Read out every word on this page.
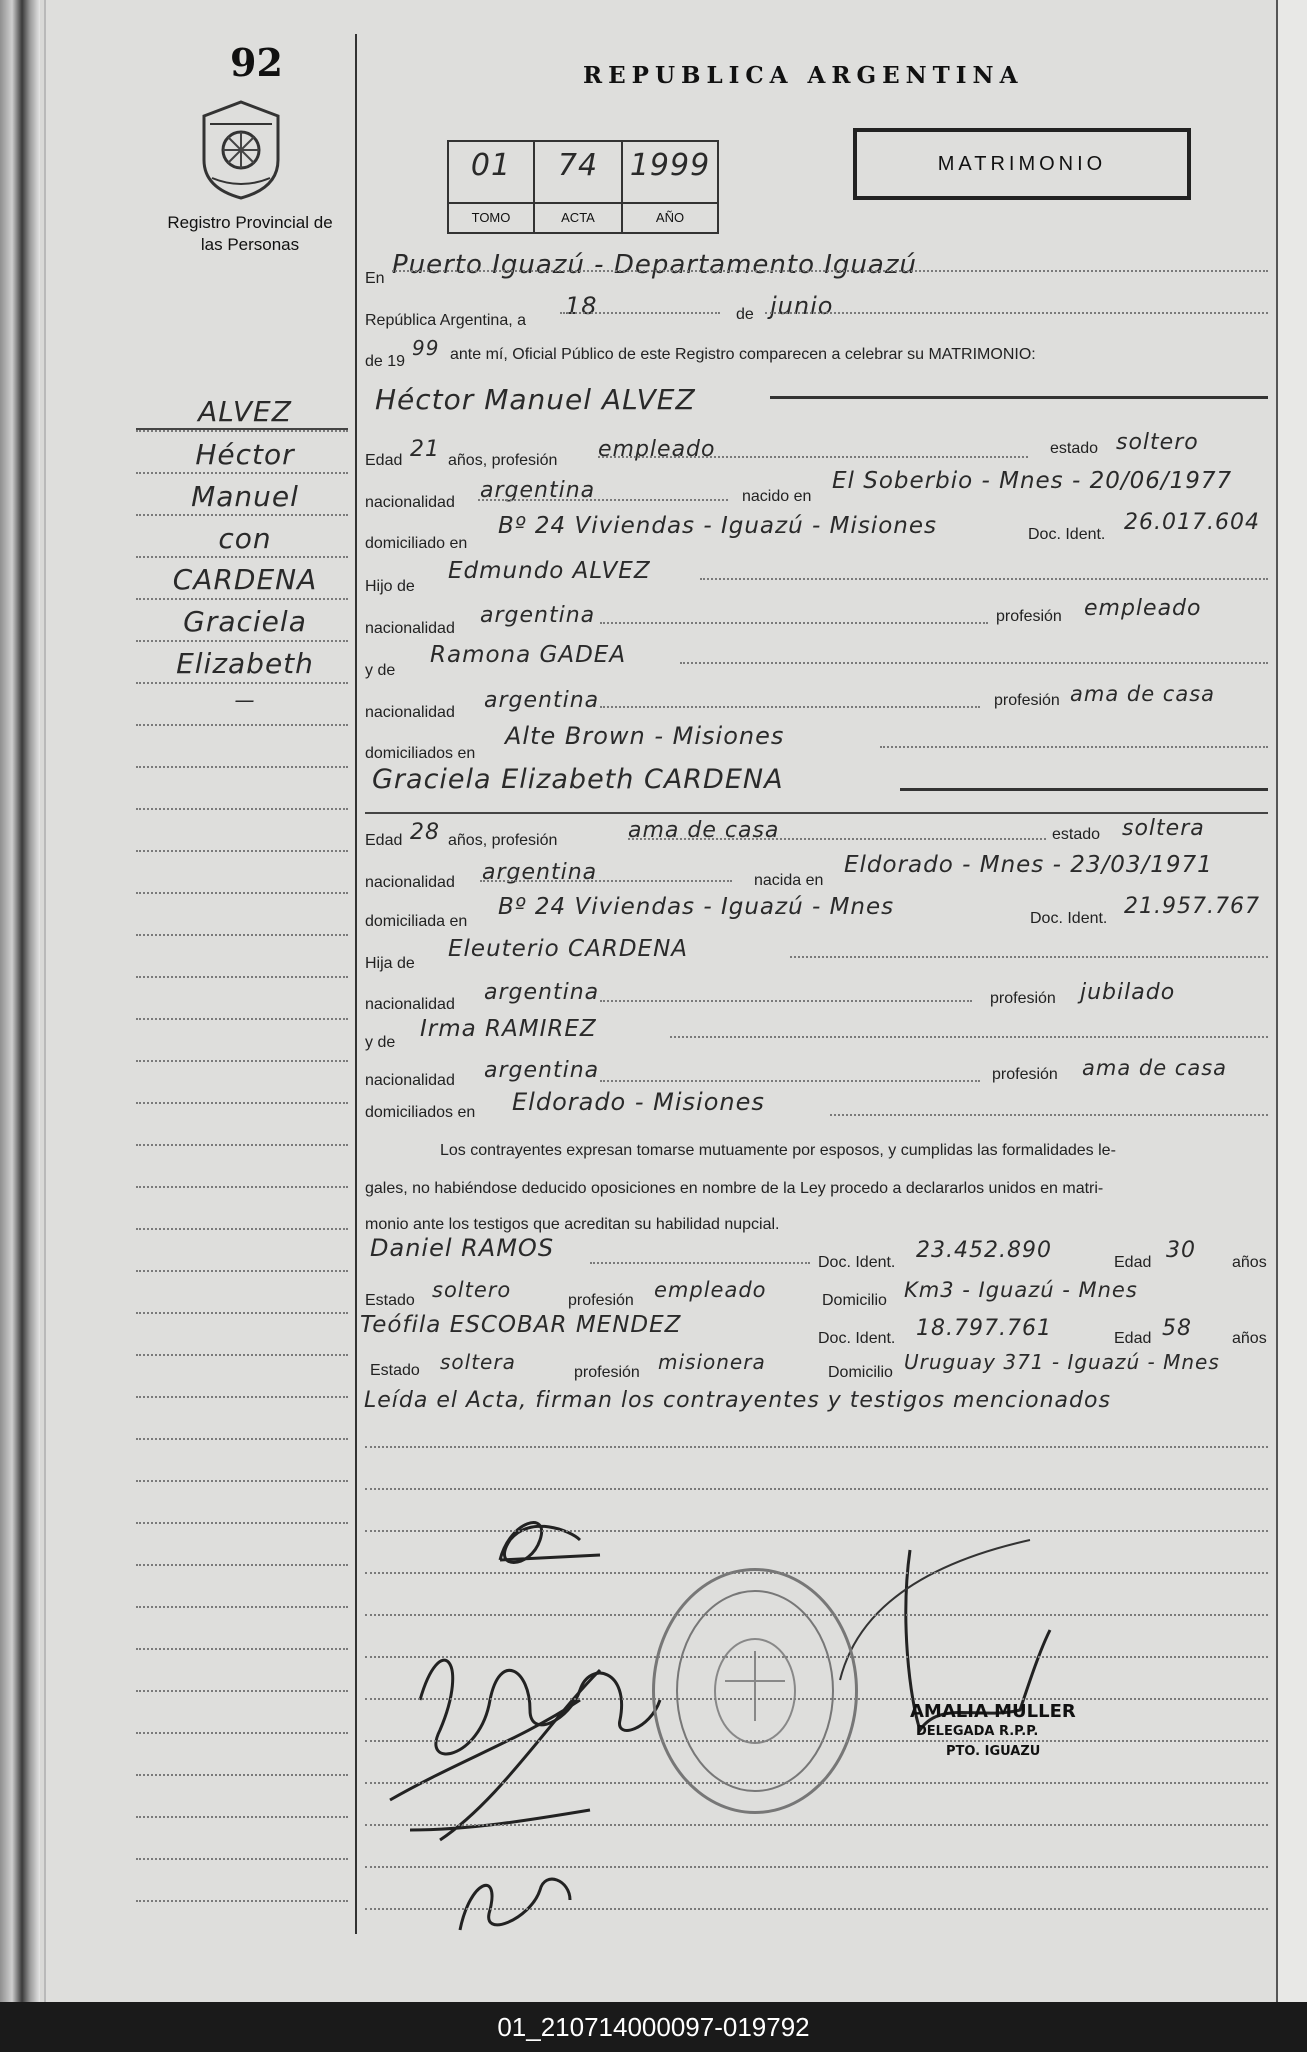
92
Registro Provincial de las Personas
REPUBLICA ARGENTINA
01
TOMO
74
ACTA
1999
AÑO
MATRIMONIO
ALVEZ
Héctor
Manuel
con
CARDENA
Graciela
Elizabeth
—
En Puerto Iguazú - Departamento Iguazú
República Argentina, a
18	de junio
de 19
99 ante mí, Oficial Público de este Registro comparecen a celebrar su MATRIMONIO:
Héctor Manuel ALVEZ
Edad 21 años, profesión empleado	estado soltero
nacionalidad argentina	nacido en
El Soberbio - Mnes - 20/06/1977
domiciliado en
Bº 24 Viviendas - Iguazú - Misiones	Doc. Ident. 26.017.604
Hijo de
Edmundo ALVEZ
nacionalidad
argentina	profesión empleado
y de
Ramona GADEA
nacionalidad argentina	profesión ama de casa
domiciliados en
Alte Brown - Misiones
Graciela Elizabeth CARDENA
Edad 28 años, profesión	ama de casa	estado soltera
nacionalidad argentina	nacida en
Eldorado - Mnes - 23/03/1971
domiciliada en
Bº 24 Viviendas - Iguazú - Mnes	Doc. Ident. 21.957.767
Hija de
Eleuterio CARDENA
nacionalidad argentina	profesión jubilado
y de
Irma RAMIREZ
nacionalidad argentina	profesión ama de casa
domiciliados en Eldorado - Misiones
Los contrayentes expresan tomarse mutuamente por esposos, y cumplidas las formalidades le-
gales, no habiéndose deducido oposiciones en nombre de la Ley procedo a declararlos unidos en matri-
monio ante los testigos que acreditan su habilidad nupcial.
Daniel RAMOS
Doc. Ident. 23.452.890	Edad 30 años
Estado soltero	profesión empleado	Domicilio Km3 - Iguazú - Mnes
Teófila ESCOBAR MENDEZ
Doc. Ident. 18.797.761	Edad 58	años
Estado soltera	profesión misionera	Domicilio Uruguay 371 - Iguazú - Mnes
Leída el Acta, firman los contrayentes y testigos mencionados
AMALIA MULLER
DELEGADA R.P.P.
PTO. IGUAZU
01_210714000097-019792
